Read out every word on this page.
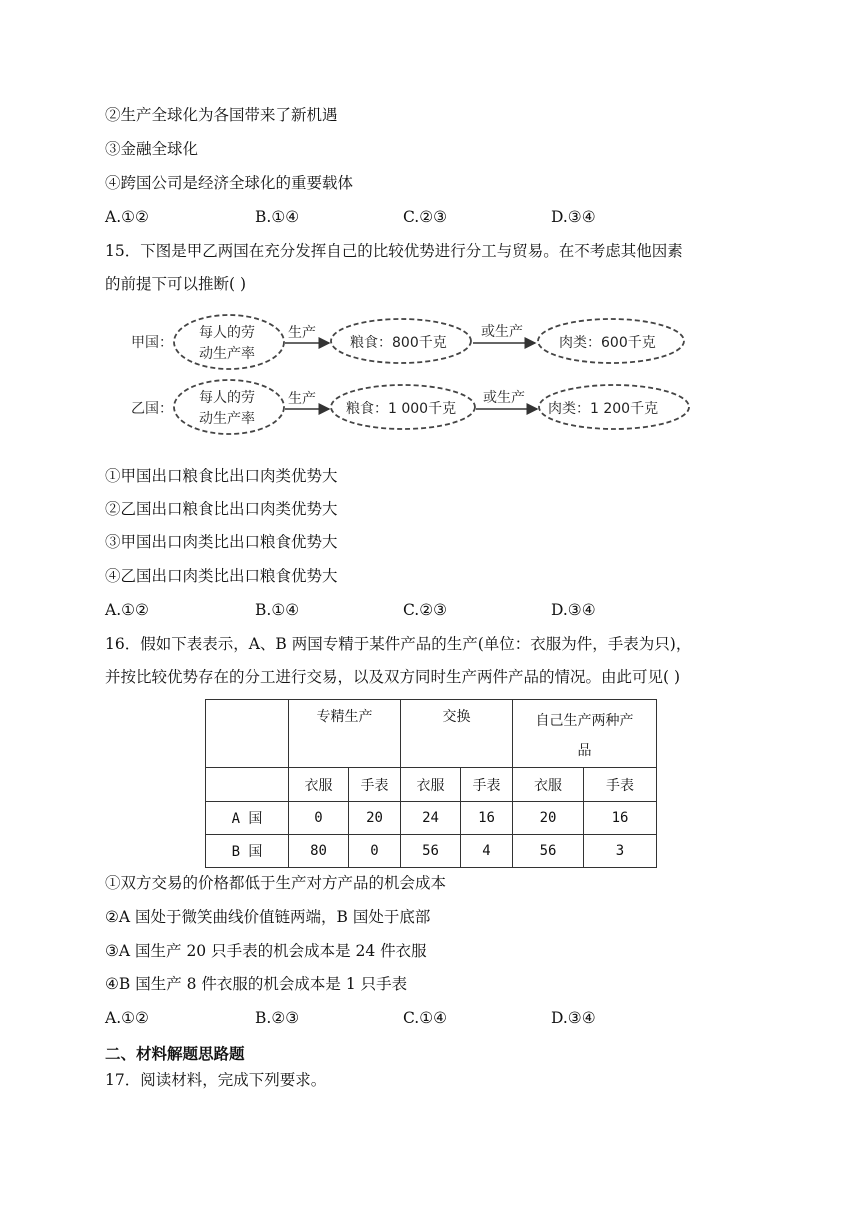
②生产全球化为各国带来了新机遇
③金融全球化
④跨国公司是经济全球化的重要载体
A.①②	B.①④	C.②③	D.③④
15．下图是甲乙两国在充分发挥自己的比较优势进行分工与贸易。在不考虑其他因素
的前提下可以推断( )
甲国：
每人的劳
动生产率
生产
粮食：800千克
或生产
肉类：600千克
乙国：
每人的劳
动生产率
生产
粮食：1 000千克
或生产
肉类：1 200千克
①甲国出口粮食比出口肉类优势大
②乙国出口粮食比出口肉类优势大
③甲国出口肉类比出口粮食优势大
④乙国出口肉类比出口粮食优势大
A.①②	B.①④	C.②③	D.③④
16．假如下表表示，A、B 两国专精于某件产品的生产(单位：衣服为件，手表为只)，
并按比较优势存在的分工进行交易，以及双方同时生产两件产品的情况。由此可见( )
	专精生产		交换		自己生产两种产
品	

	衣服	手表	衣服	手表	衣服	手表
A 国	0	20	24	16	20	16
B 国	80	0	56	4	56	3
①双方交易的价格都低于生产对方产品的机会成本
②A 国处于微笑曲线价值链两端，B 国处于底部
③A 国生产 20 只手表的机会成本是 24 件衣服
④B 国生产 8 件衣服的机会成本是 1 只手表
A.①②	B.②③	C.①④	D.③④
二、材料解题思路题
17．阅读材料，完成下列要求。
